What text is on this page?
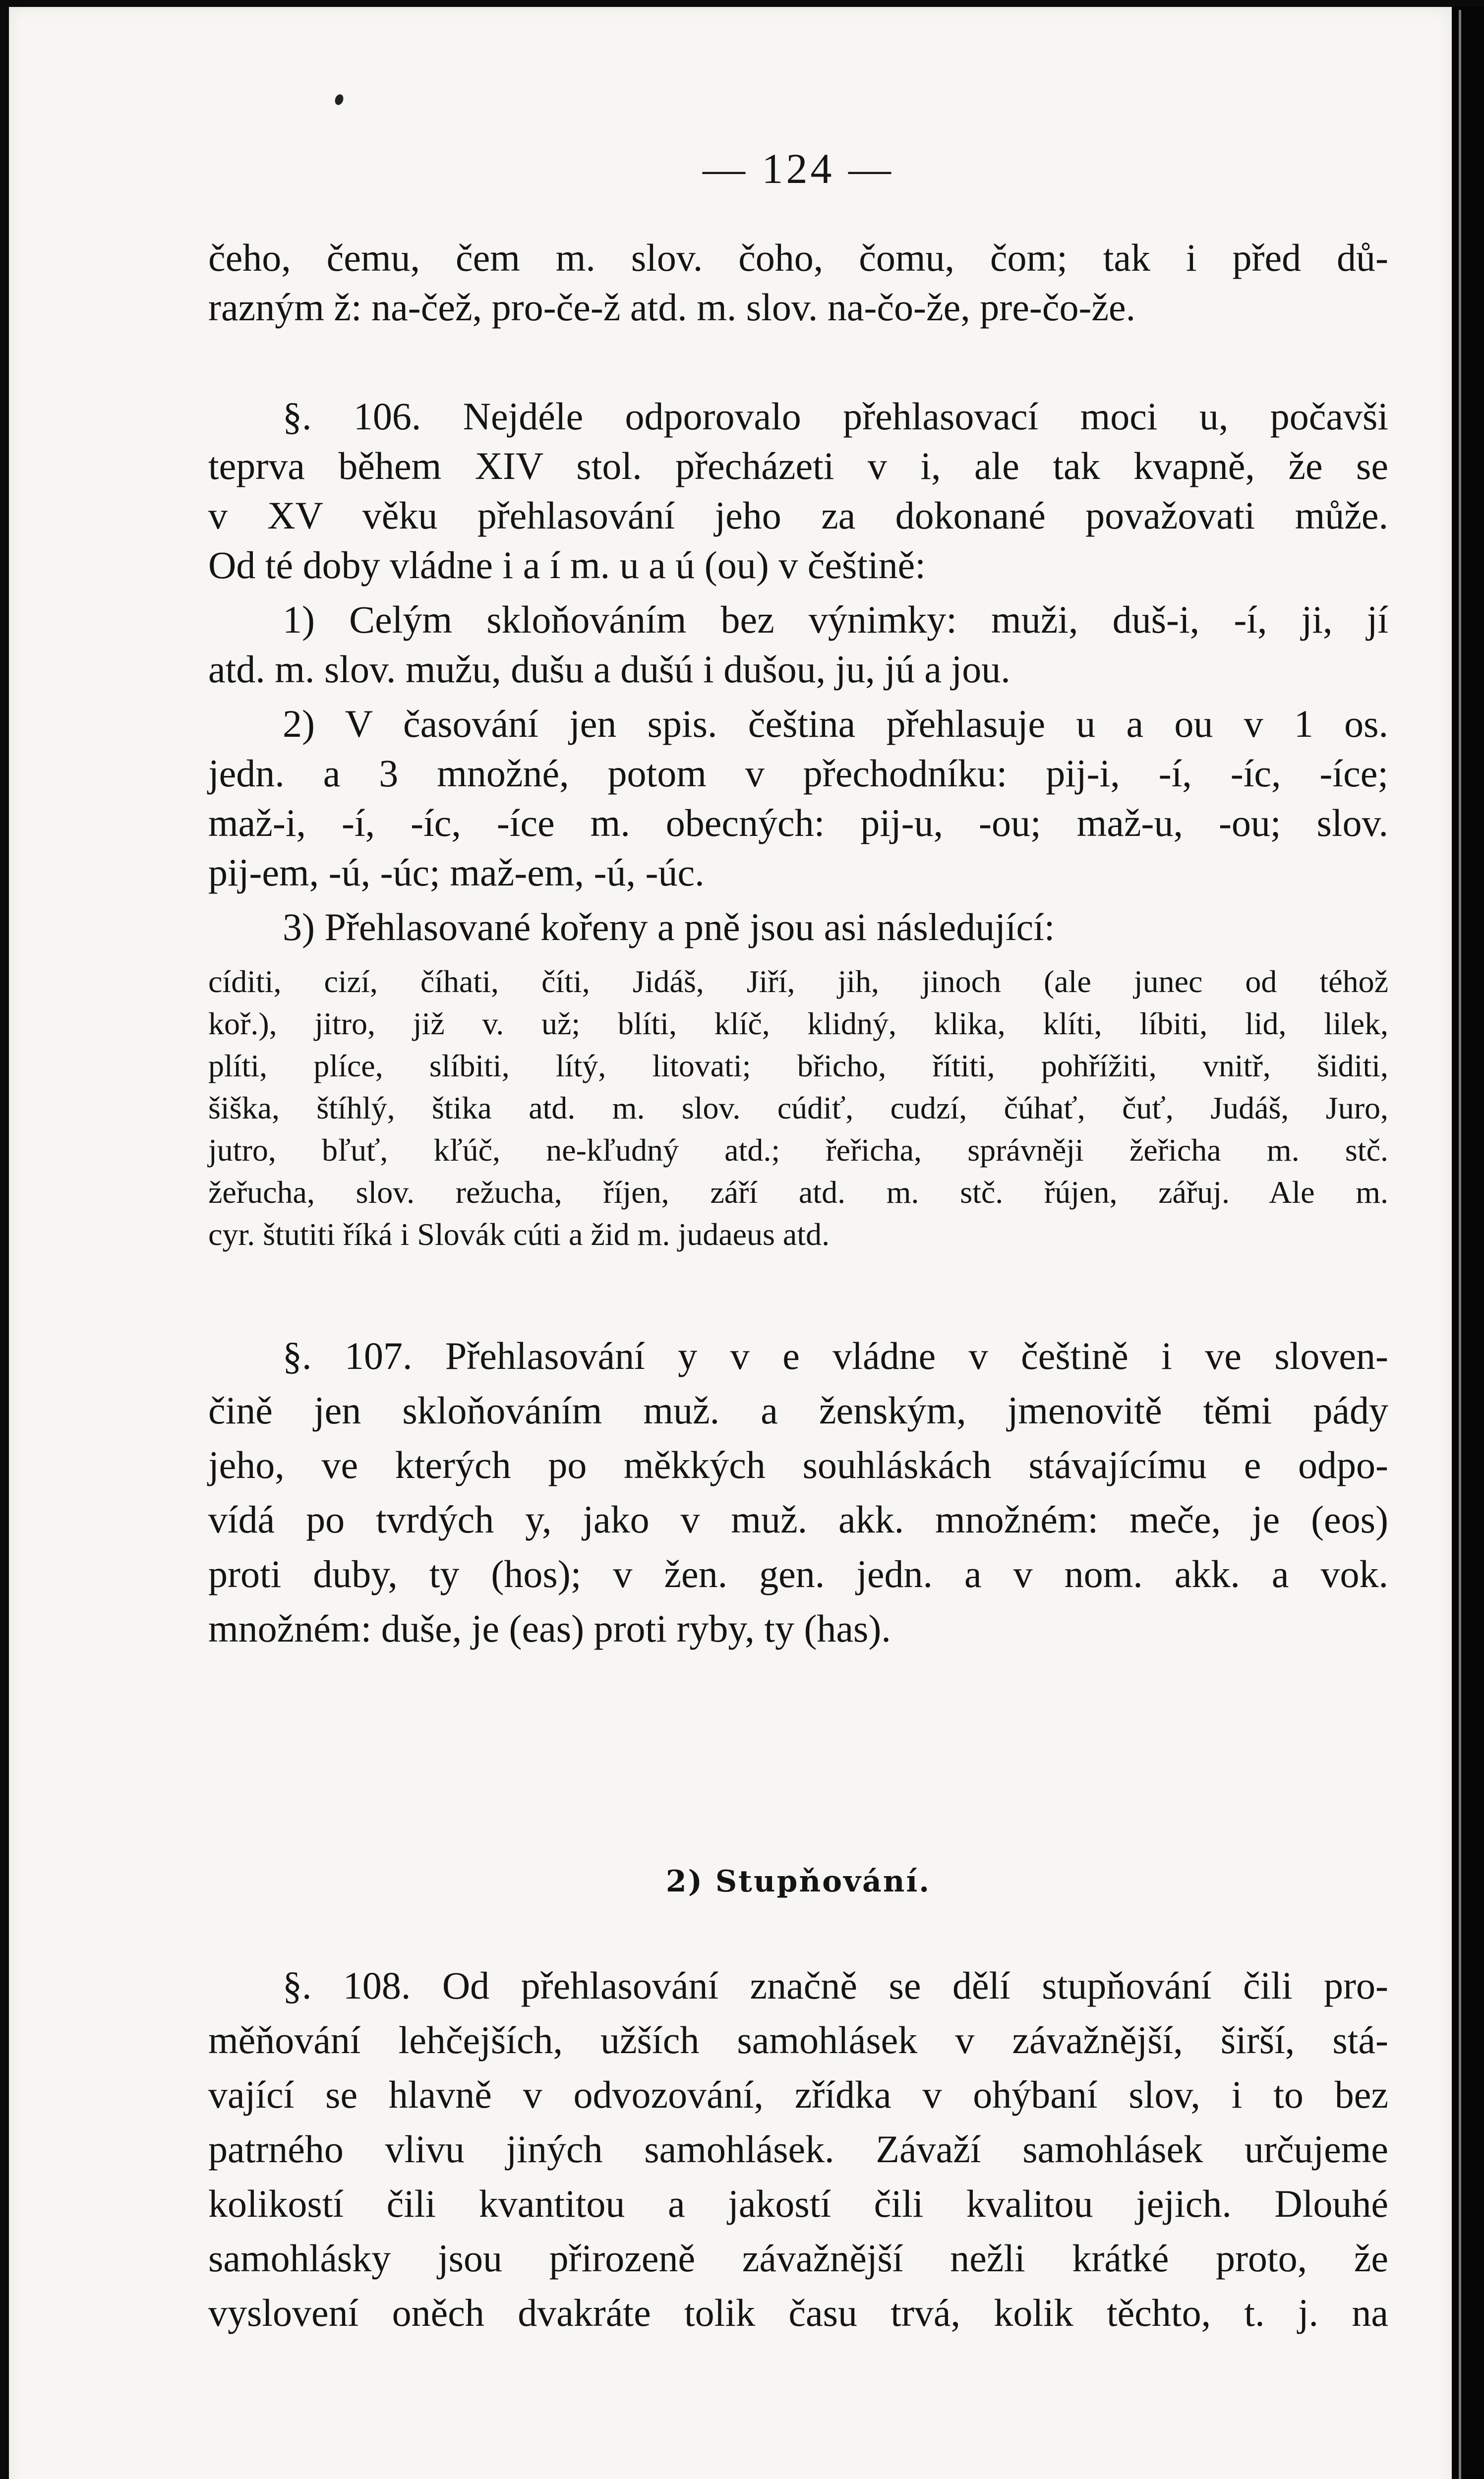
— 124 —
čeho, čemu, čem m. slov. čoho, čomu, čom; tak i před dů-
razným ž: na-čež, pro-če-ž atd. m. slov. na-čo-že, pre-čo-že.
§. 106. Nejdéle odporovalo přehlasovací moci u, počavši
teprva během XIV stol. přecházeti v i, ale tak kvapně, že se
v XV věku přehlasování jeho za dokonané považovati může.
Od té doby vládne i a í m. u a ú (ou) v češtině:
1) Celým skloňováním bez výnimky: muži, duš-i, -í, ji, jí
atd. m. slov. mužu, dušu a dušú i dušou, ju, jú a jou.
2) V časování jen spis. čeština přehlasuje u a ou v 1 os.
jedn. a 3 množné, potom v přechodníku: pij-i, -í, -íc, -íce;
maž-i, -í, -íc, -íce m. obecných: pij-u, -ou; maž-u, -ou; slov.
pij-em, -ú, -úc; maž-em, -ú, -úc.
3) Přehlasované kořeny a pně jsou asi následující:
cíditi, cizí, číhati, číti, Jidáš, Jiří, jih, jinoch (ale junec od téhož
koř.), jitro, již v. už; blíti, klíč, klidný, klika, klíti, líbiti, lid, lilek,
plíti, plíce, slíbiti, lítý, litovati; břicho, řítiti, pohřížiti, vnitř, šiditi,
šiška, štíhlý, štika atd. m. slov. cúdiť, cudzí, čúhať, čuť, Judáš, Juro,
jutro, bľuť, kľúč, ne-kľudný atd.; řeřicha, správněji žeřicha m. stč.
žeřucha, slov. režucha, říjen, září atd. m. stč. řújen, zářuj. Ale m.
cyr. štutiti říká i Slovák cúti a žid m. judaeus atd.
§. 107. Přehlasování y v e vládne v češtině i ve sloven-
čině jen skloňováním muž. a ženským, jmenovitě těmi pády
jeho, ve kterých po měkkých souhláskách stávajícímu e odpo-
vídá po tvrdých y, jako v muž. akk. množném: meče, je (eos)
proti duby, ty (hos); v žen. gen. jedn. a v nom. akk. a vok.
množném: duše, je (eas) proti ryby, ty (has).
2) Stupňování.
§. 108. Od přehlasování značně se dělí stupňování čili pro-
měňování lehčejších, užších samohlásek v závažnější, širší, stá-
vající se hlavně v odvozování, zřídka v ohýbaní slov, i to bez
patrného vlivu jiných samohlásek. Závaží samohlásek určujeme
kolikostí čili kvantitou a jakostí čili kvalitou jejich. Dlouhé
samohlásky jsou přirozeně závažnější nežli krátké proto, že
vyslovení oněch dvakráte tolik času trvá, kolik těchto, t. j. na
